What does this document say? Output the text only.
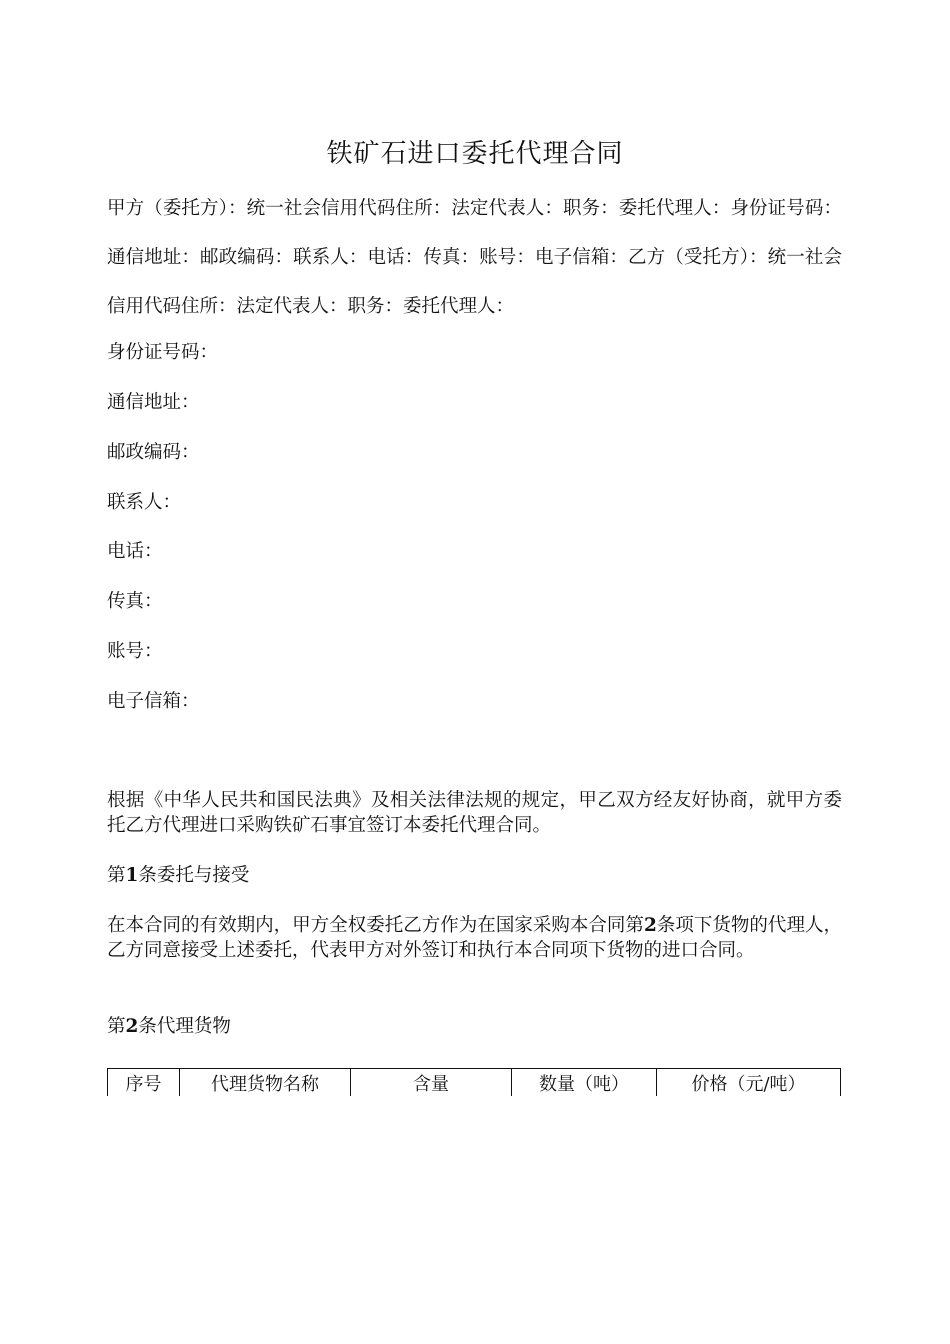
铁矿石进口委托代理合同
甲方（委托方）：统一社会信用代码住所：法定代表人：职务：委托代理人：身份证号码：通信地址：邮政编码：联系人：电话：传真：账号：电子信箱：乙方（受托方）：统一社会信用代码住所：法定代表人：职务：委托代理人：
身份证号码：
通信地址：
邮政编码：
联系人：
电话：
传真：
账号：
电子信箱：
根据《中华人民共和国民法典》及相关法律法规的规定，甲乙双方经友好协商，就甲方委托乙方代理进口采购铁矿石事宜签订本委托代理合同。
第1条委托与接受
在本合同的有效期内，甲方全权委托乙方作为在国家采购本合同第2条项下货物的代理人，乙方同意接受上述委托，代表甲方对外签订和执行本合同项下货物的进口合同。
第2条代理货物
序号	代理货物名称	含量	数量（吨）	价格（元/吨）
